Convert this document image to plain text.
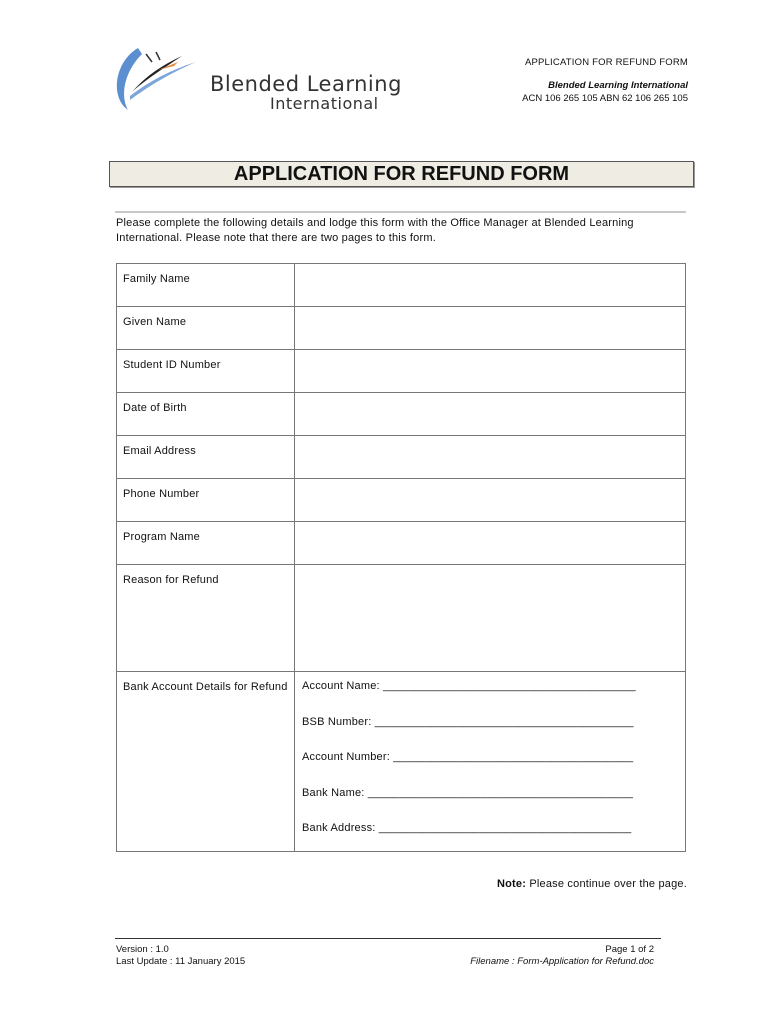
Blended Learning
International
APPLICATION FOR REFUND FORM
Blended Learning International
ACN 106 265 105 ABN 62 106 265 105
APPLICATION FOR REFUND FORM
Please complete the following details and lodge this form with the Office Manager at Blended Learning International. Please note that there are two pages to this form.
Family Name	
Given Name	
Student ID Number	
Date of Birth	
Email Address	
Phone Number	
Program Name	
Reason for Refund	
Bank Account Details for Refund	Account Name: ________________________________________
BSB Number: _________________________________________
Account Number: ______________________________________
Bank Name: __________________________________________
Bank Address: ________________________________________
Note: Please continue over the page.
Version : 1.0
Last Update : 11 January 2015
Page 1 of 2
Filename : Form-Application for Refund.doc
